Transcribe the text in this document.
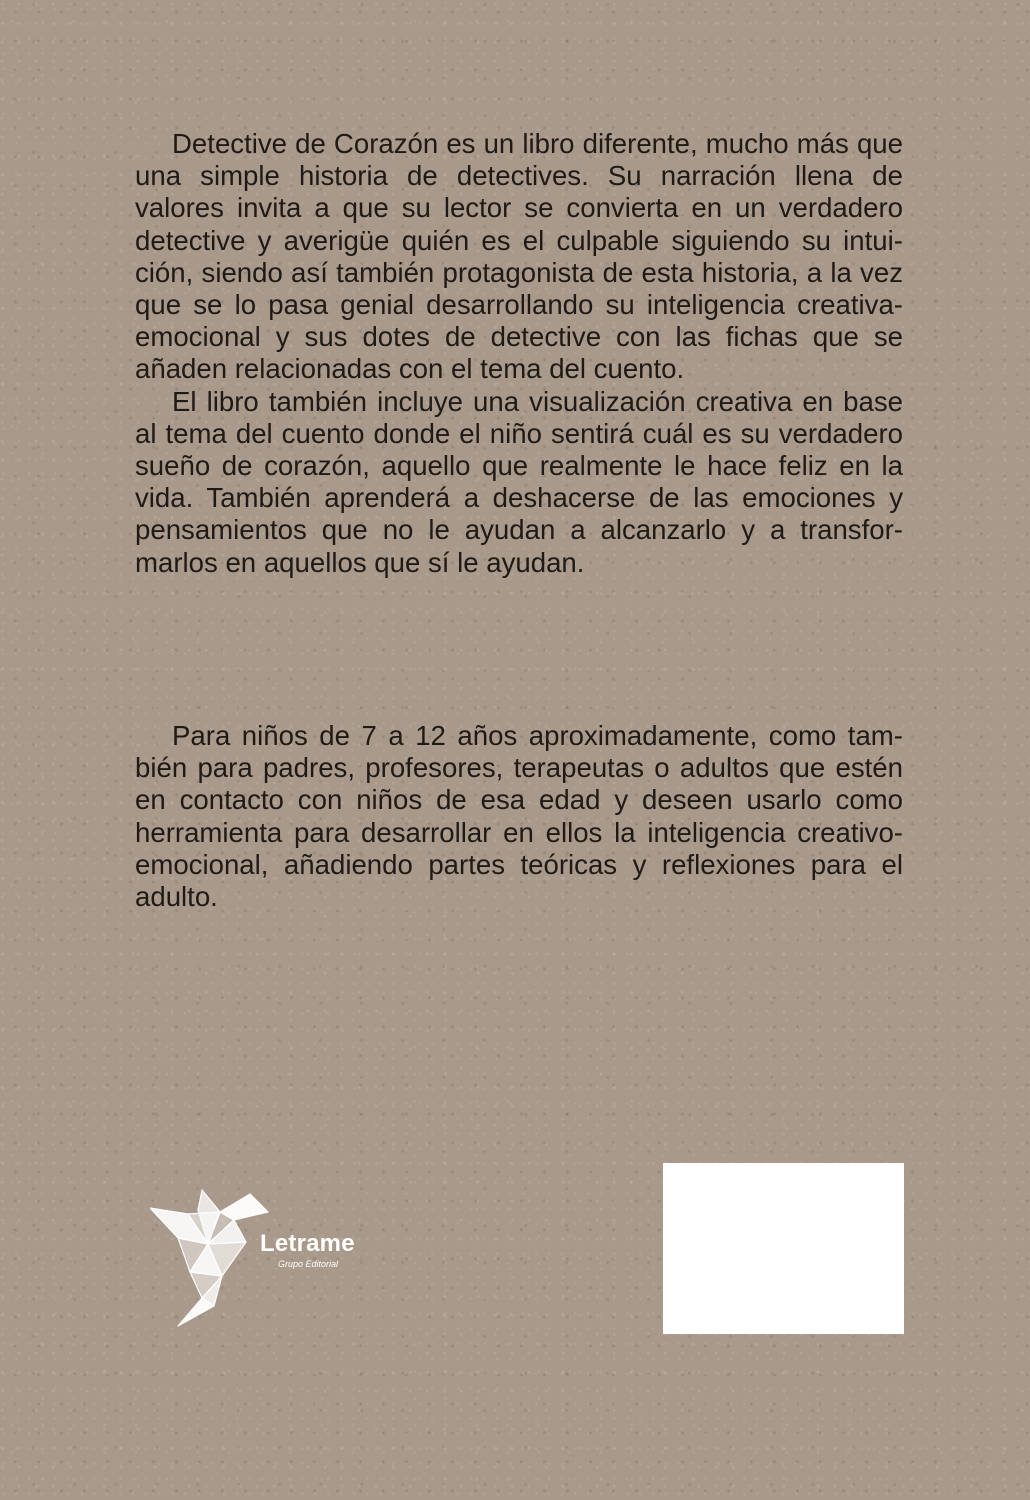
Detective de Corazón es un libro diferente, mucho más que una simple historia de detectives. Su narración llena de valores invita a que su lector se convierta en un verdadero detective y averigüe quién es el culpable siguiendo su intuición, siendo así también protagonista de esta historia, a la vez que se lo pasa genial desarrollando su inteligencia creativa-emocional y sus dotes de detective con las fichas que se añaden relacionadas con el tema del cuento.

El libro también incluye una visualización creativa en base al tema del cuento donde el niño sentirá cuál es su verdadero sueño de corazón, aquello que realmente le hace feliz en la vida. También aprenderá a deshacerse de las emociones y pensamientos que no le ayudan a alcanzarlo y a transformarlos en aquellos que sí le ayudan.

Para niños de 7 a 12 años aproximadamente, como también para padres, profesores, terapeutas o adultos que estén en contacto con niños de esa edad y deseen usarlo como herramienta para desarrollar en ellos la inteligencia creativo-emocional, añadiendo partes teóricas y reflexiones para el adulto.

Letrame
Grupo Editorial
